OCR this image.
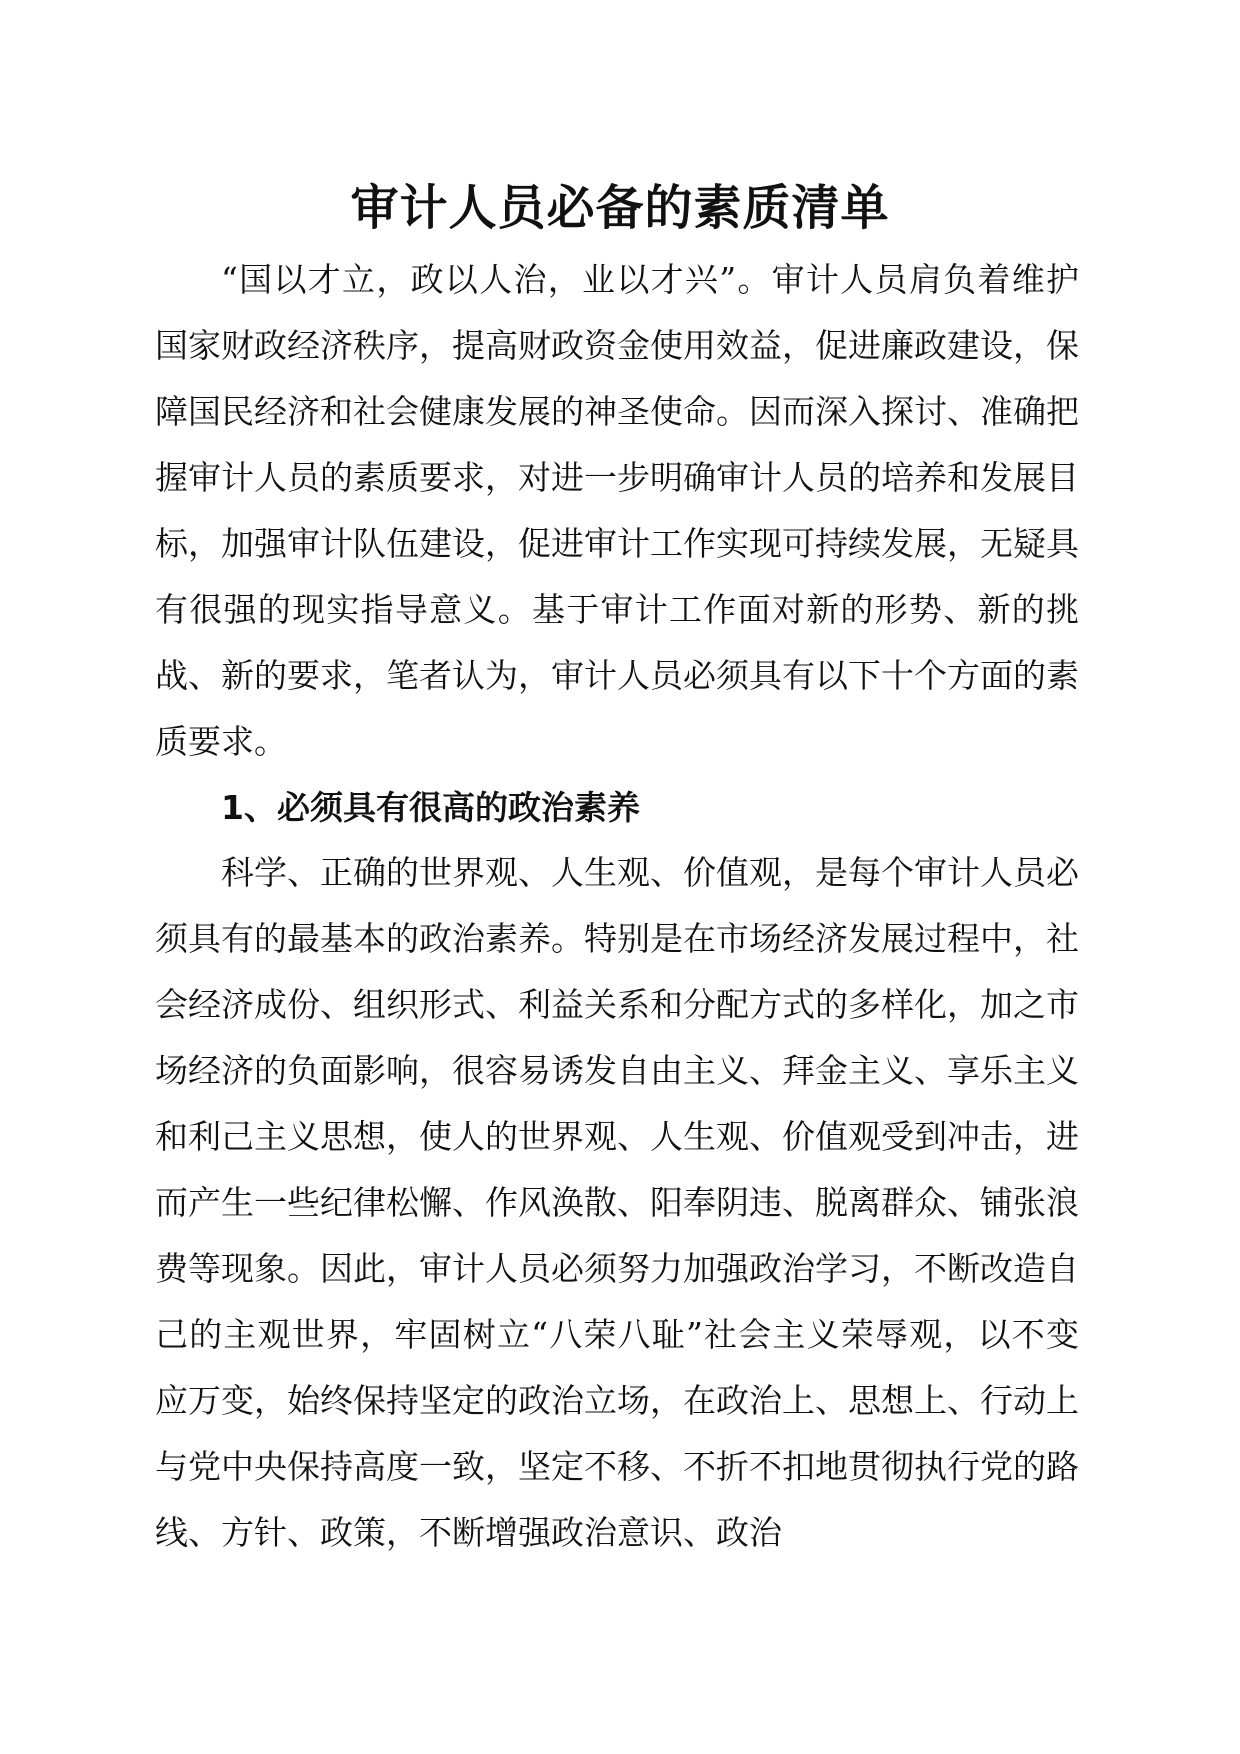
审计人员必备的素质清单

“国以才立，政以人治，业以才兴”。审计人员肩负着维护国家财政经济秩序，提高财政资金使用效益，促进廉政建设，保障国民经济和社会健康发展的神圣使命。因而深入探讨、准确把握审计人员的素质要求，对进一步明确审计人员的培养和发展目标，加强审计队伍建设，促进审计工作实现可持续发展，无疑具有很强的现实指导意义。基于审计工作面对新的形势、新的挑战、新的要求，笔者认为，审计人员必须具有以下十个方面的素质要求。

1、必须具有很高的政治素养

科学、正确的世界观、人生观、价值观，是每个审计人员必须具有的最基本的政治素养。特别是在市场经济发展过程中，社会经济成份、组织形式、利益关系和分配方式的多样化，加之市场经济的负面影响，很容易诱发自由主义、拜金主义、享乐主义和利己主义思想，使人的世界观、人生观、价值观受到冲击，进而产生一些纪律松懈、作风涣散、阳奉阴违、脱离群众、铺张浪费等现象。因此，审计人员必须努力加强政治学习，不断改造自己的主观世界，牢固树立“八荣八耻”社会主义荣辱观，以不变应万变，始终保持坚定的政治立场，在政治上、思想上、行动上与党中央保持高度一致，坚定不移、不折不扣地贯彻执行党的路线、方针、政策，不断增强政治意识、政治
